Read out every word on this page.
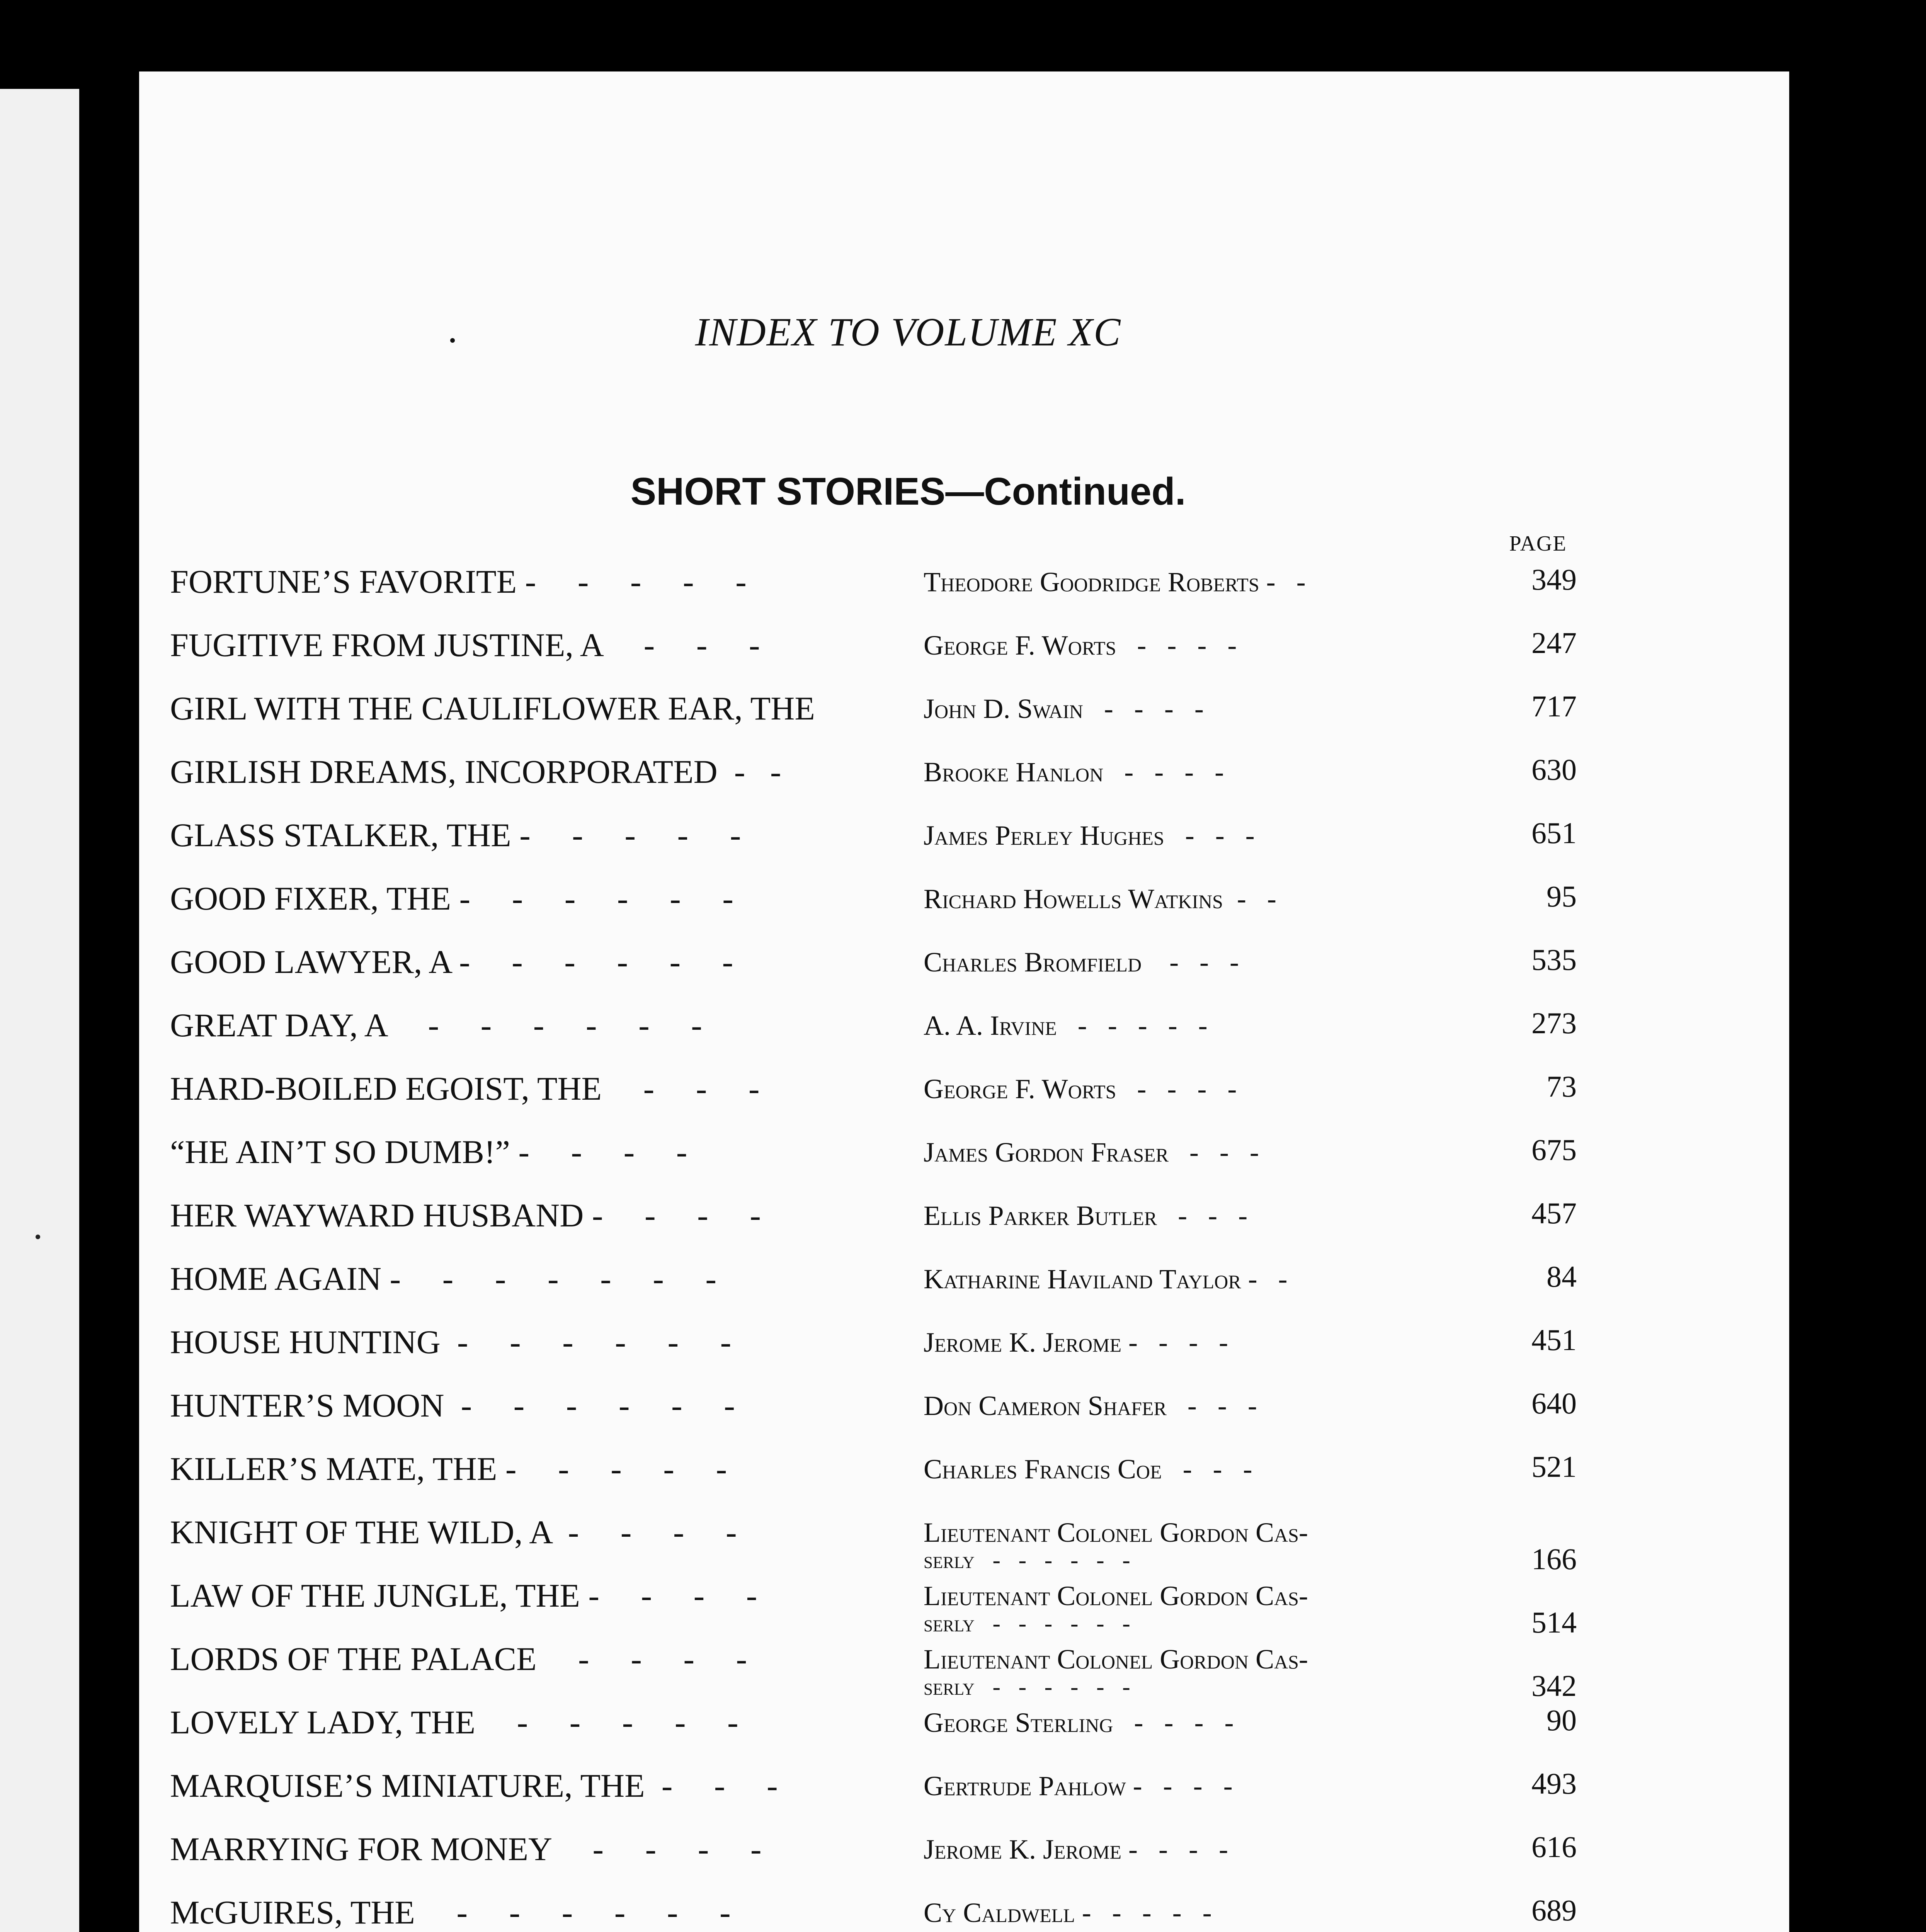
INDEX TO VOLUME XC
SHORT STORIES—Continued.
PAGE
FORTUNE’S FAVORITE -     -     -     -     -	Theodore Goodridge Roberts -   -	349
FUGITIVE FROM JUSTINE, A     -     -     -	George F. Worts   -   -   -   -	247
GIRL WITH THE CAULIFLOWER EAR, THE	John D. Swain   -   -   -   -	717
GIRLISH DREAMS, INCORPORATED  -   -	Brooke Hanlon   -   -   -   -	630
GLASS STALKER, THE -     -     -     -     -	James Perley Hughes   -   -   -	651
GOOD FIXER, THE -     -     -     -     -     -	Richard Howells Watkins  -   -	95
GOOD LAWYER, A -     -     -     -     -     -	Charles Bromfield    -   -   -	535
GREAT DAY, A     -     -     -     -     -     -	A. A. Irvine   -   -   -   -   -	273
HARD-BOILED EGOIST, THE     -     -     -	George F. Worts   -   -   -   -	73
“HE AIN’T SO DUMB!” -     -     -     -	James Gordon Fraser   -   -   -	675
HER WAYWARD HUSBAND -     -     -     -	Ellis Parker Butler   -   -   -	457
HOME AGAIN -     -     -     -     -     -     -	Katharine Haviland Taylor -   -	84
HOUSE HUNTING  -     -     -     -     -     -	Jerome K. Jerome -   -   -   -	451
HUNTER’S MOON  -     -     -     -     -     -	Don Cameron Shafer   -   -   -	640
KILLER’S MATE, THE -     -     -     -     -	Charles Francis Coe   -   -   -	521
KNIGHT OF THE WILD, A  -     -     -     -	Lieutenant Colonel Gordon Cas-
serly   -   -   -   -   -   -	166
LAW OF THE JUNGLE, THE -     -     -     -	Lieutenant Colonel Gordon Cas-
serly   -   -   -   -   -   -	514
LORDS OF THE PALACE     -     -     -     -	Lieutenant Colonel Gordon Cas-
serly   -   -   -   -   -   -	342
LOVELY LADY, THE     -     -     -     -     -	George Sterling   -   -   -   -	90
MARQUISE’S MINIATURE, THE  -     -     -	Gertrude Pahlow -   -   -   -	493
MARRYING FOR MONEY     -     -     -     -	Jerome K. Jerome -   -   -   -	616
McGUIRES, THE     -     -     -     -     -     -	Cy Caldwell -   -   -   -   -	689
